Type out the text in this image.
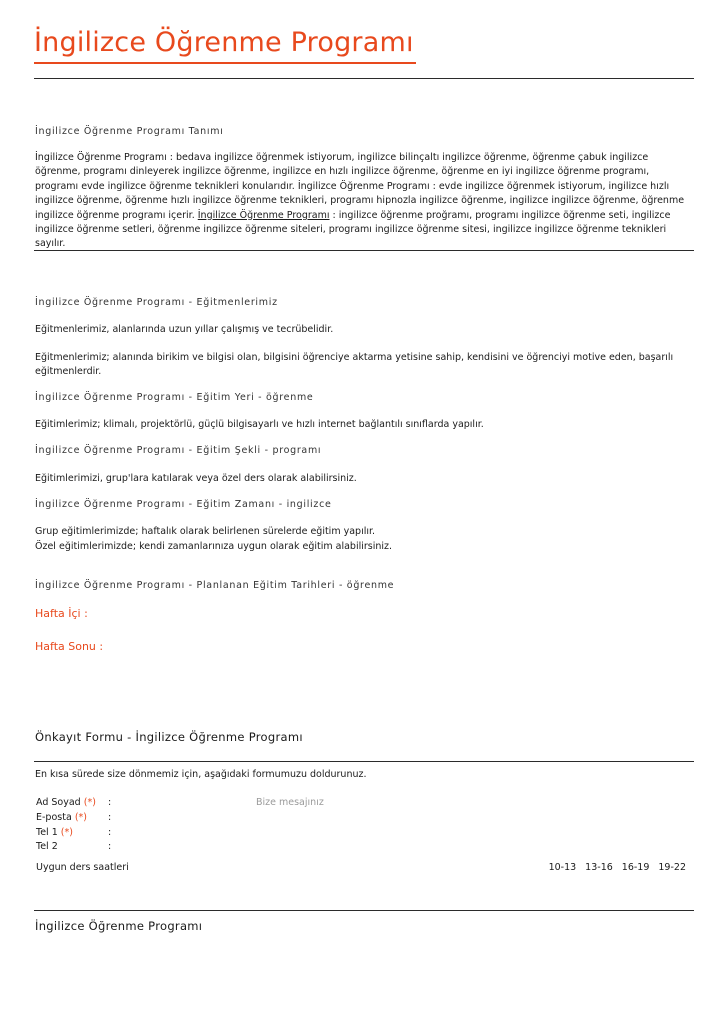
İngilizce Öğrenme Programı
İngilizce Öğrenme Programı Tanımı
İngilizce Öğrenme Programı : bedava ingilizce öğrenmek istiyorum, ingilizce bilinçaltı ingilizce öğrenme, öğrenme çabuk ingilizce öğrenme, programı dinleyerek ingilizce öğrenme, ingilizce en hızlı ingilizce öğrenme, öğrenme en iyi ingilizce öğrenme programı, programı evde ingilizce öğrenme teknikleri konularıdır. İngilizce Öğrenme Programı : evde ingilizce öğrenmek istiyorum, ingilizce hızlı ingilizce öğrenme, öğrenme hızlı ingilizce öğrenme teknikleri, programı hipnozla ingilizce öğrenme, ingilizce ingilizce öğrenme, öğrenme ingilizce öğrenme programı içerir. İngilizce Öğrenme Programı : ingilizce öğrenme proğramı, programı ingilizce öğrenme seti, ingilizce ingilizce öğrenme setleri, öğrenme ingilizce öğrenme siteleri, programı ingilizce öğrenme sitesi, ingilizce ingilizce öğrenme teknikleri sayılır.
İngilizce Öğrenme Programı - Eğitmenlerimiz
Eğitmenlerimiz, alanlarında uzun yıllar çalışmış ve tecrübelidir.
Eğitmenlerimiz; alanında birikim ve bilgisi olan, bilgisini öğrenciye aktarma yetisine sahip, kendisini ve öğrenciyi motive eden, başarılı eğitmenlerdir.
İngilizce Öğrenme Programı - Eğitim Yeri - öğrenme
Eğitimlerimiz; klimalı, projektörlü, güçlü bilgisayarlı ve hızlı internet bağlantılı sınıflarda yapılır.
İngilizce Öğrenme Programı - Eğitim Şekli - programı
Eğitimlerimizi, grup'lara katılarak veya özel ders olarak alabilirsiniz.
İngilizce Öğrenme Programı - Eğitim Zamanı - ingilizce
Grup eğitimlerimizde; haftalık olarak belirlenen sürelerde eğitim yapılır.
Özel eğitimlerimizde; kendi zamanlarınıza uygun olarak eğitim alabilirsiniz.
İngilizce Öğrenme Programı - Planlanan Eğitim Tarihleri - öğrenme
Hafta İçi :
Hafta Sonu :
Önkayıt Formu - İngilizce Öğrenme Programı
En kısa sürede size dönmemiz için, aşağıdaki formumuzu doldurunuz.
Ad Soyad (*) :	Bize mesajınız
E-posta (*) :
Tel 1 (*)	:
Tel 2	:
Uygun ders saatleri	10-13 13-16 16-19 19-22
İngilizce Öğrenme Programı
